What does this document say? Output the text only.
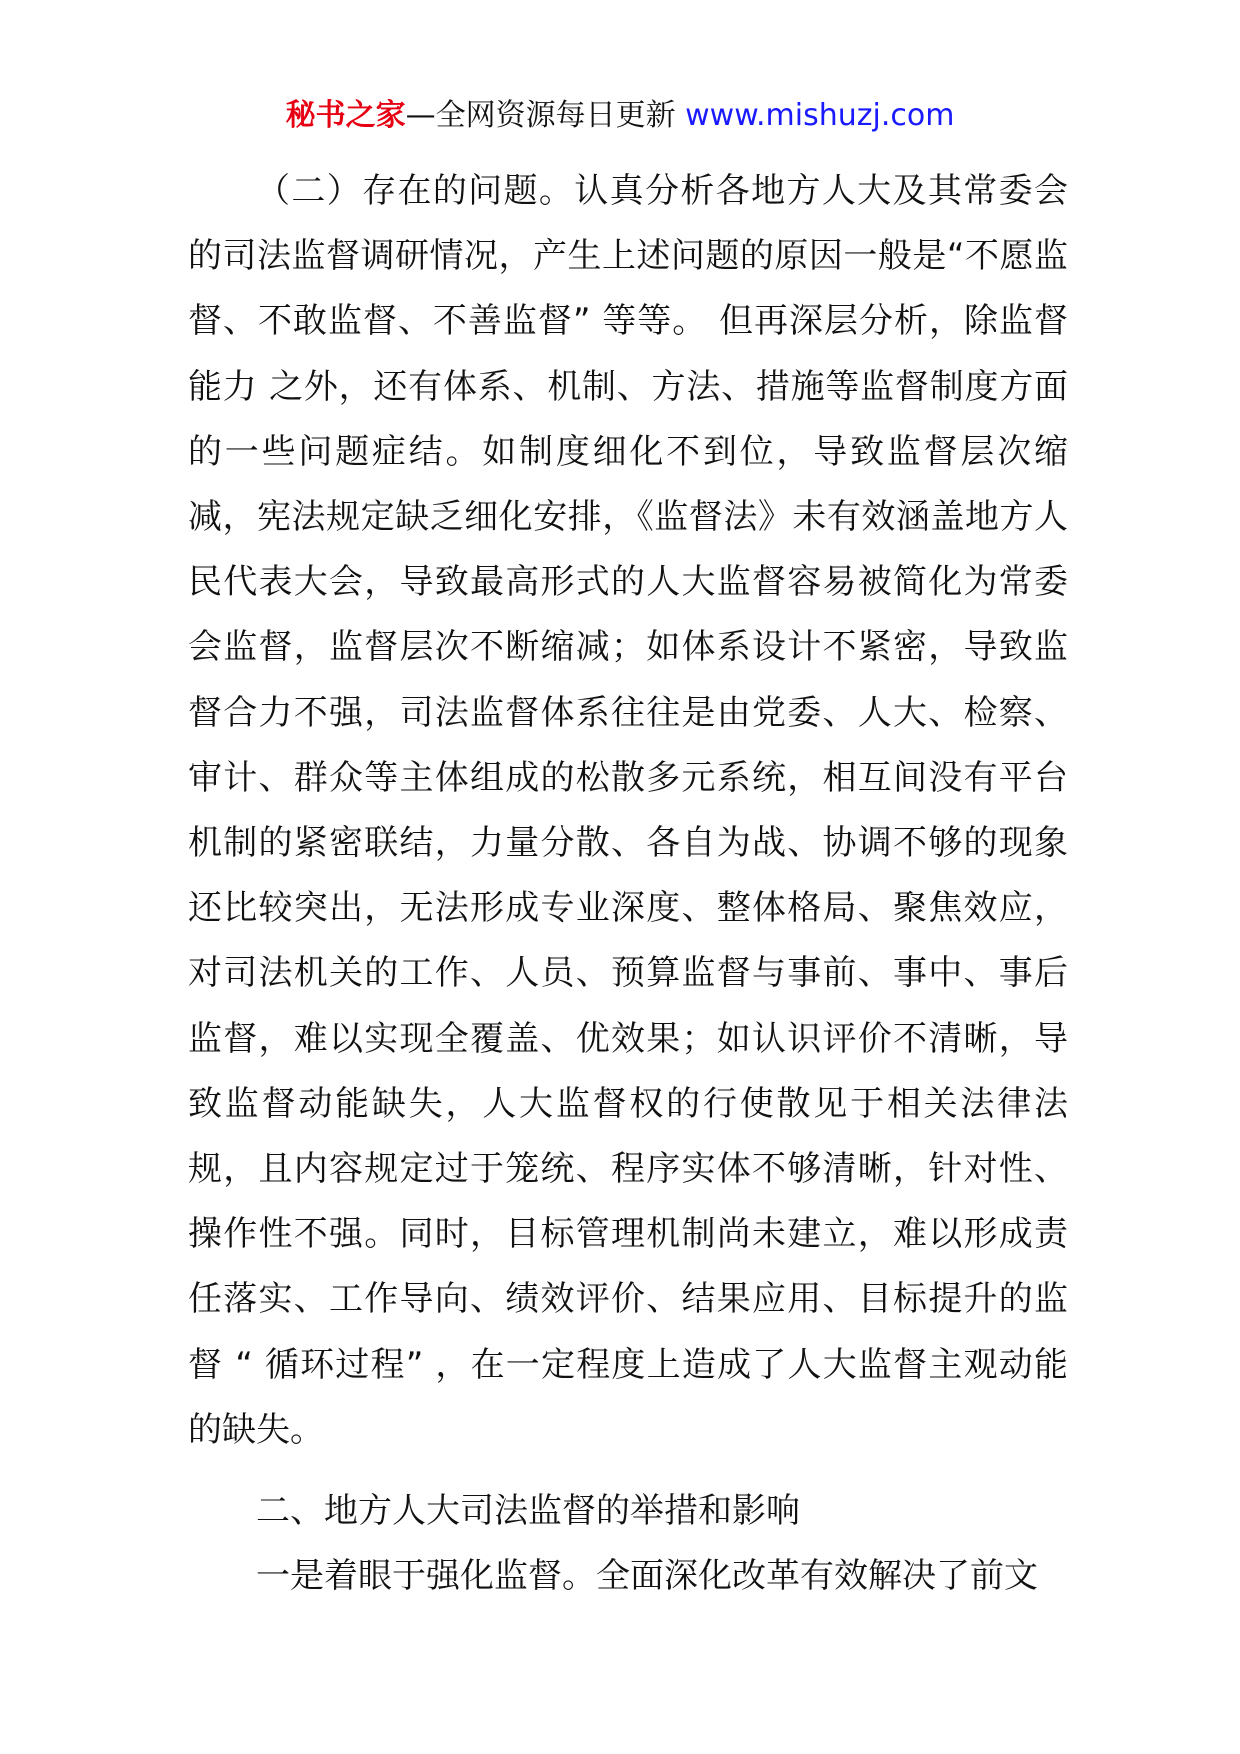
秘书之家—全网资源每日更新 www.mishuzj.com

（二）存在的问题。认真分析各地方人大及其常委会的司法监督调研情况，产生上述问题的原因一般是“不愿监督、不敢监督、不善监督” 等等。 但再深层分析，除监督能力 之外，还有体系、机制、方法、措施等监督制度方面的一些问题症结。如制度细化不到位，导致监督层次缩减，宪法规定缺乏细化安排，《监督法》未有效涵盖地方人民代表大会，导致最高形式的人大监督容易被简化为常委会监督，监督层次不断缩减；如体系设计不紧密，导致监督合力不强，司法监督体系往往是由党委、人大、检察、审计、群众等主体组成的松散多元系统，相互间没有平台机制的紧密联结，力量分散、各自为战、协调不够的现象还比较突出，无法形成专业深度、整体格局、聚焦效应，对司法机关的工作、人员、预算监督与事前、事中、事后监督，难以实现全覆盖、优效果；如认识评价不清晰，导致监督动能缺失，人大监督权的行使散见于相关法律法规，且内容规定过于笼统、程序实体不够清晰，针对性、操作性不强。同时，目标管理机制尚未建立，难以形成责任落实、工作导向、绩效评价、结果应用、目标提升的监督 “ 循环过程” ，在一定程度上造成了人大监督主观动能的缺失。

二、地方人大司法监督的举措和影响

一是着眼于强化监督。全面深化改革有效解决了前文
